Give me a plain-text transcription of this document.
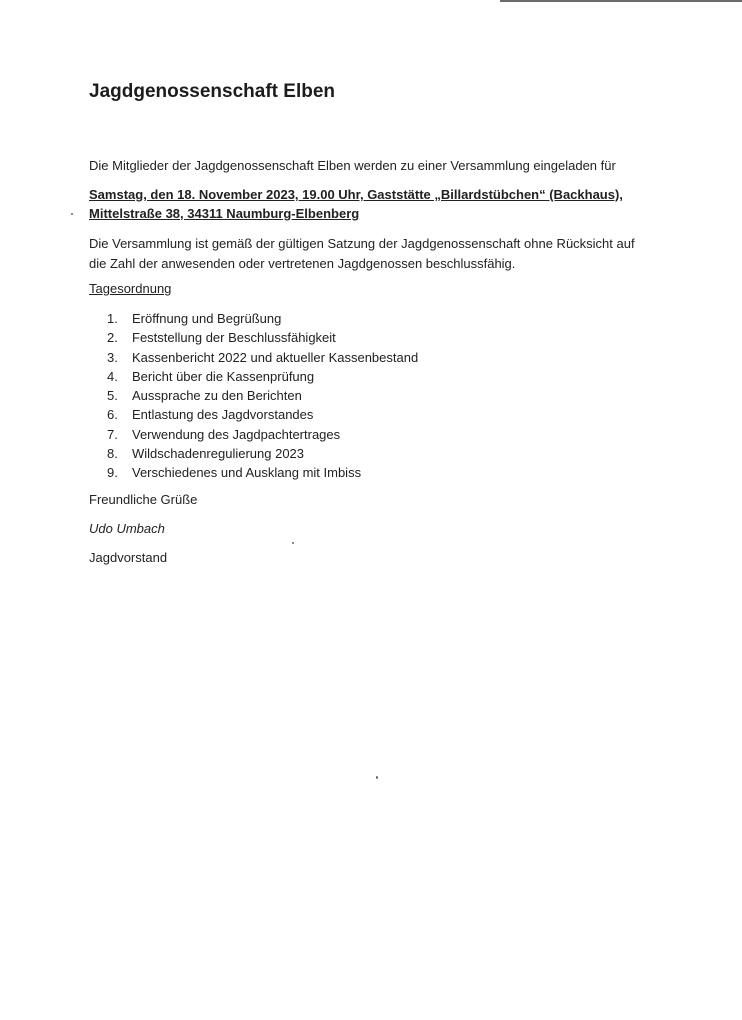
Jagdgenossenschaft Elben
Die Mitglieder der Jagdgenossenschaft Elben werden zu einer Versammlung eingeladen für
Samstag, den 18. November 2023, 19.00 Uhr, Gaststätte „Billardstübchen“ (Backhaus),
Mittelstraße 38, 34311 Naumburg-Elbenberg
Die Versammlung ist gemäß der gültigen Satzung der Jagdgenossenschaft ohne Rücksicht auf
die Zahl der anwesenden oder vertretenen Jagdgenossen beschlussfähig.
Tagesordnung
1. Eröffnung und Begrüßung
2. Feststellung der Beschlussfähigkeit
3. Kassenbericht 2022 und aktueller Kassenbestand
4. Bericht über die Kassenprüfung
5. Aussprache zu den Berichten
6. Entlastung des Jagdvorstandes
7. Verwendung des Jagdpachtertrages
8. Wildschadenregulierung 2023
9. Verschiedenes und Ausklang mit Imbiss
Freundliche Grüße
Udo Umbach
Jagdvorstand
